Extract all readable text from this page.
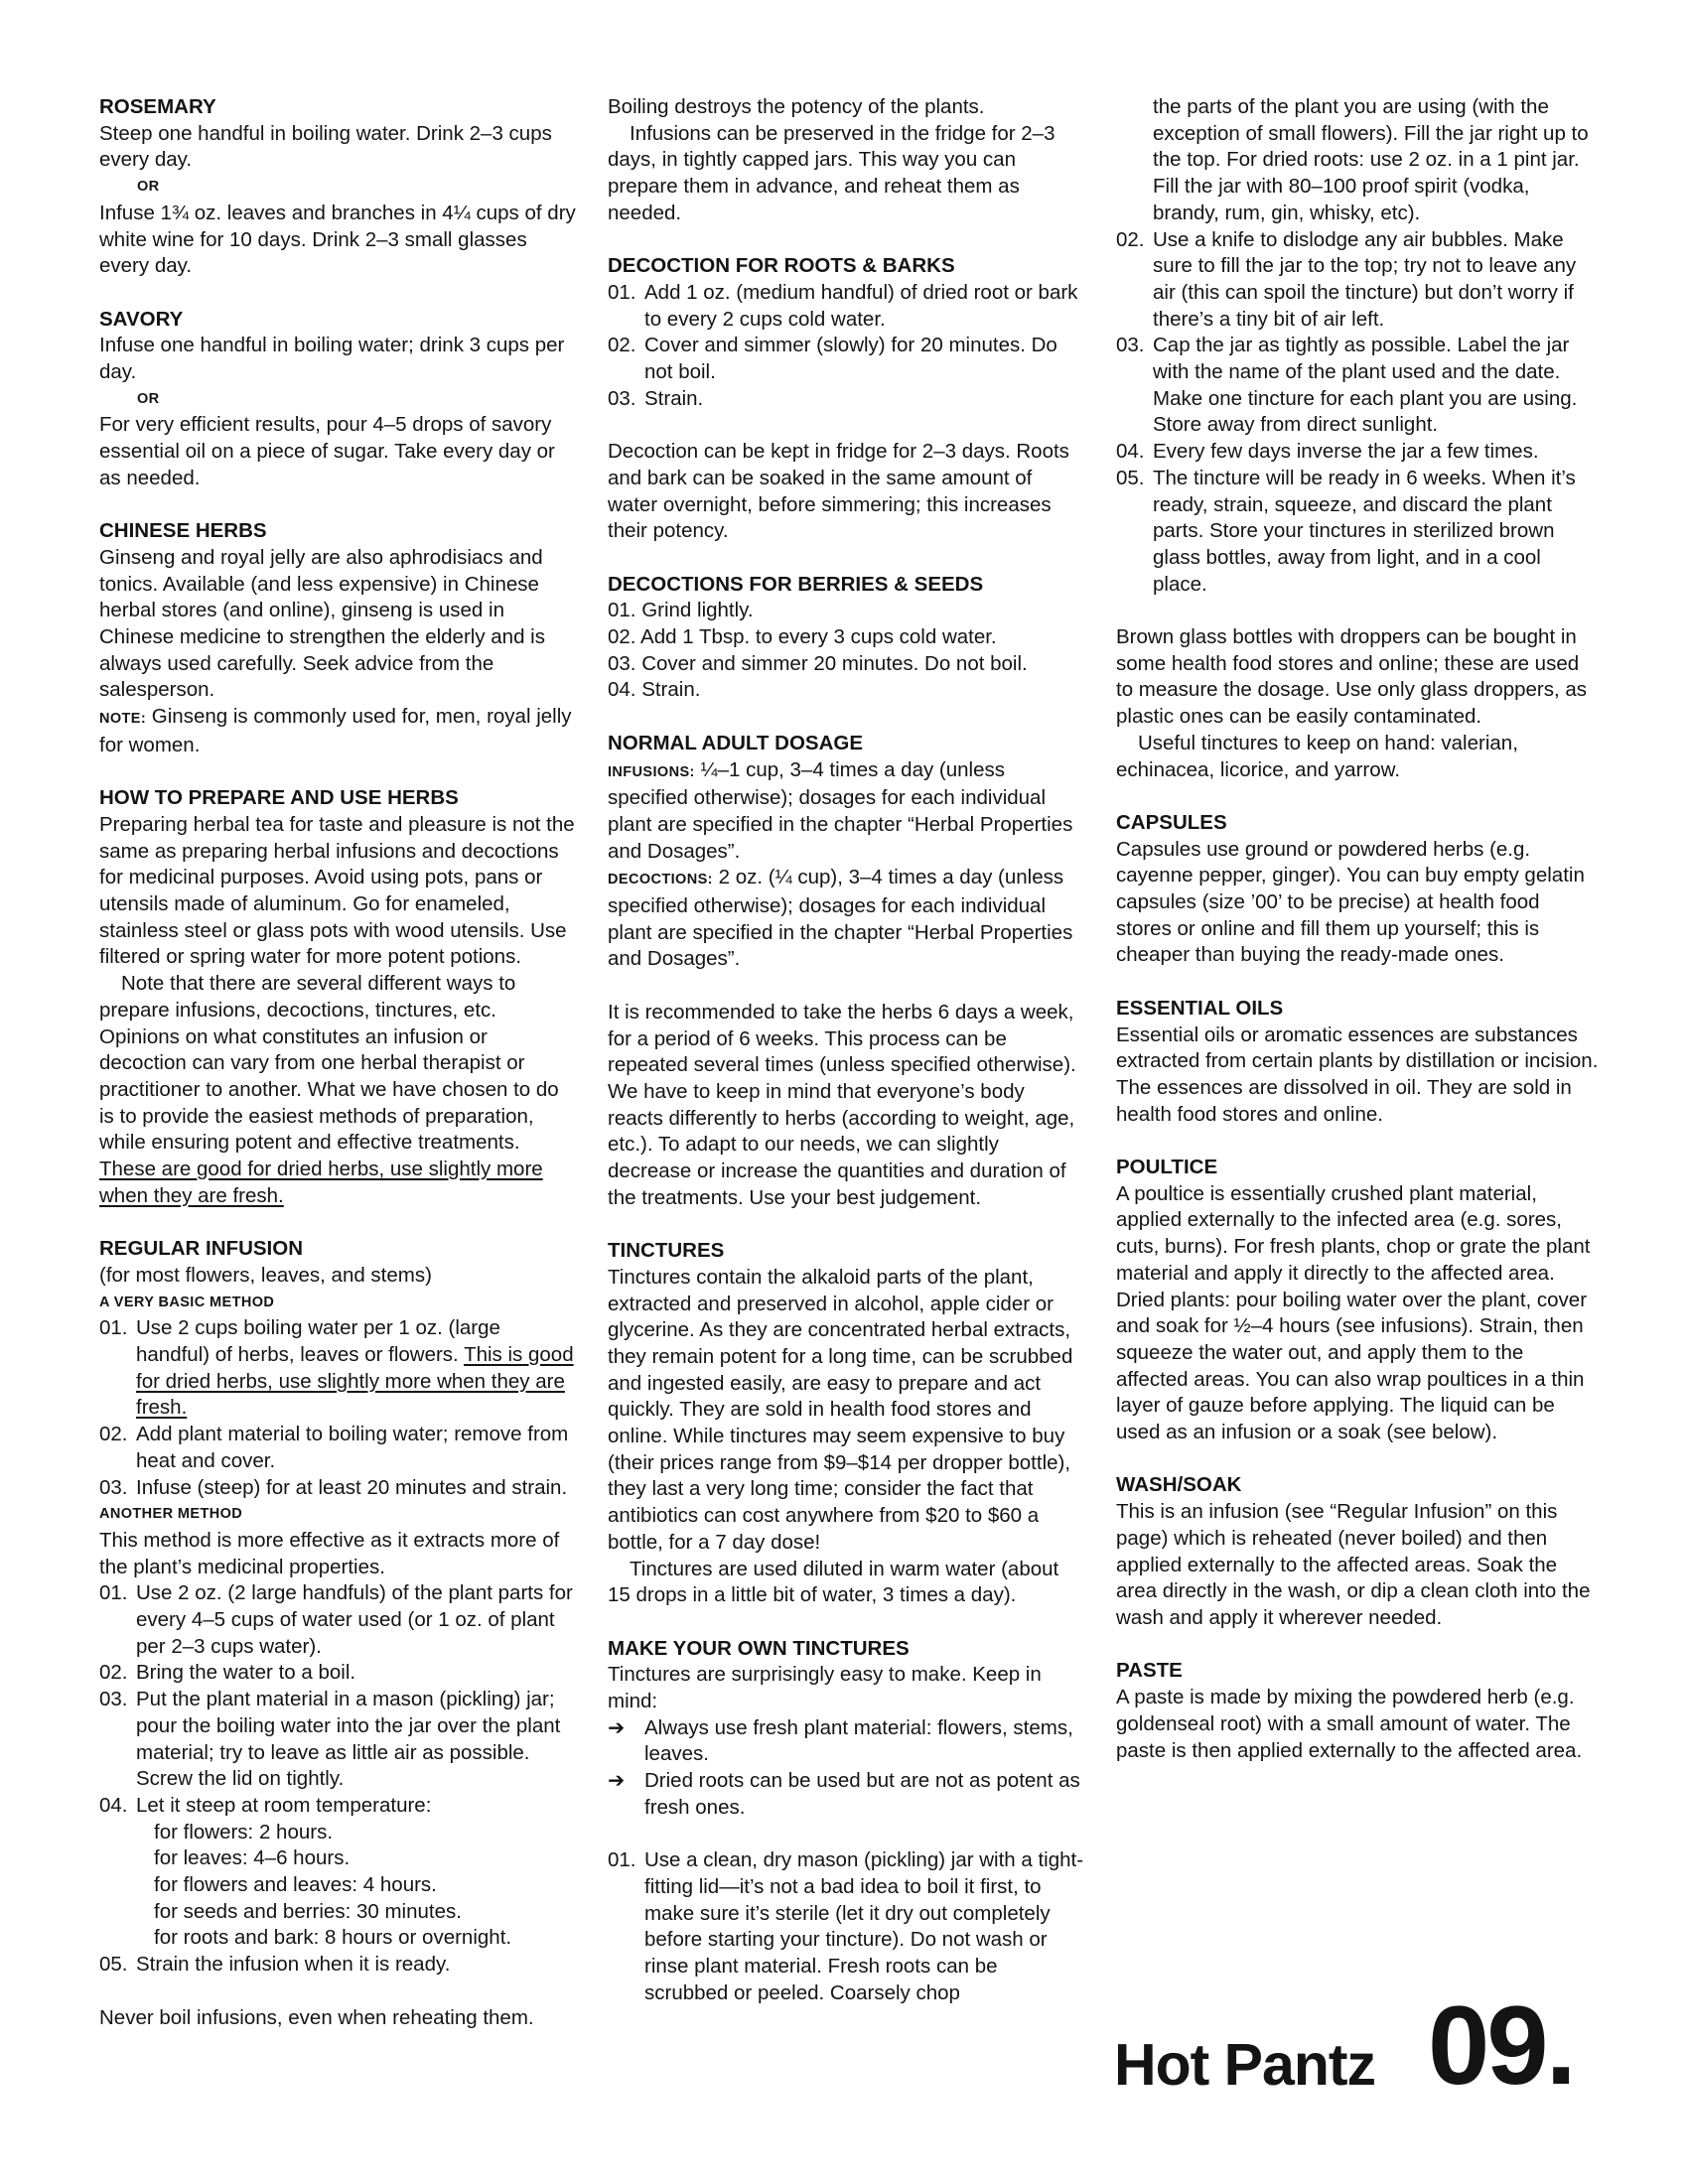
ROSEMARY

Steep one handful in boiling water. Drink 2–3 cups every day.

OR

Infuse 1¾ oz. leaves and branches in 4¼ cups of dry white wine for 10 days. Drink 2–3 small glasses every day.

SAVORY

Infuse one handful in boiling water; drink 3 cups per day.

OR

For very efficient results, pour 4–5 drops of savory essential oil on a piece of sugar. Take every day or as needed.

CHINESE HERBS

Ginseng and royal jelly are also aphrodisiacs and tonics. Available (and less expensive) in Chinese herbal stores (and online), ginseng is used in Chinese medicine to strengthen the elderly and is always used carefully. Seek advice from the salesperson.

NOTE: Ginseng is commonly used for, men, royal jelly for women.

HOW TO PREPARE AND USE HERBS

Preparing herbal tea for taste and pleasure is not the same as preparing herbal infusions and decoctions for medicinal purposes. Avoid using pots, pans or utensils made of aluminum. Go for enameled, stainless steel or glass pots with wood utensils. Use filtered or spring water for more potent potions.

Note that there are several different ways to prepare infusions, decoctions, tinctures, etc. Opinions on what constitutes an infusion or decoction can vary from one herbal therapist or practitioner to another. What we have chosen to do is to provide the easiest methods of preparation, while ensuring potent and effective treatments. These are good for dried herbs, use slightly more when they are fresh.

REGULAR INFUSION

(for most flowers, leaves, and stems)

A VERY BASIC METHOD

01. Use 2 cups boiling water per 1 oz. (large handful) of herbs, leaves or flowers. This is good for dried herbs, use slightly more when they are fresh.
02. Add plant material to boiling water; remove from heat and cover.
03. Infuse (steep) for at least 20 minutes and strain.

ANOTHER METHOD

This method is more effective as it extracts more of the plant’s medicinal properties.

01. Use 2 oz. (2 large handfuls) of the plant parts for every 4–5 cups of water used (or 1 oz. of plant per 2–3 cups water).
02. Bring the water to a boil.
03. Put the plant material in a mason (pickling) jar; pour the boiling water into the jar over the plant material; try to leave as little air as possible. Screw the lid on tightly.
04. Let it steep at room temperature:

for flowers: 2 hours.

for leaves: 4–6 hours.

for flowers and leaves: 4 hours.

for seeds and berries: 30 minutes.

for roots and bark: 8 hours or overnight.

05. Strain the infusion when it is ready.

Never boil infusions, even when reheating them.

Boiling destroys the potency of the plants.

Infusions can be preserved in the fridge for 2–3 days, in tightly capped jars. This way you can prepare them in advance, and reheat them as needed.

DECOCTION FOR ROOTS & BARKS

01. Add 1 oz. (medium handful) of dried root or bark to every 2 cups cold water.
02. Cover and simmer (slowly) for 20 minutes. Do not boil.
03. Strain.

Decoction can be kept in fridge for 2–3 days. Roots and bark can be soaked in the same amount of water overnight, before simmering; this increases their potency.

DECOCTIONS FOR BERRIES & SEEDS

01. Grind lightly.

02. Add 1 Tbsp. to every 3 cups cold water.

03. Cover and simmer 20 minutes. Do not boil.

04. Strain.

NORMAL ADULT DOSAGE

INFUSIONS: ¼–1 cup, 3–4 times a day (unless specified otherwise); dosages for each individual plant are specified in the chapter “Herbal Properties and Dosages”.

DECOCTIONS: 2 oz. (¼ cup), 3–4 times a day (unless specified otherwise); dosages for each individual plant are specified in the chapter “Herbal Properties and Dosages”.

It is recommended to take the herbs 6 days a week, for a period of 6 weeks. This process can be repeated several times (unless specified otherwise). We have to keep in mind that everyone’s body reacts differently to herbs (according to weight, age, etc.). To adapt to our needs, we can slightly decrease or increase the quantities and duration of the treatments. Use your best judgement.

TINCTURES

Tinctures contain the alkaloid parts of the plant, extracted and preserved in alcohol, apple cider or glycerine. As they are concentrated herbal extracts, they remain potent for a long time, can be scrubbed and ingested easily, are easy to prepare and act quickly. They are sold in health food stores and online. While tinctures may seem expensive to buy (their prices range from $9–$14 per dropper bottle), they last a very long time; consider the fact that antibiotics can cost anywhere from $20 to $60 a bottle, for a 7 day dose!

Tinctures are used diluted in warm water (about 15 drops in a little bit of water, 3 times a day).

MAKE YOUR OWN TINCTURES

Tinctures are surprisingly easy to make. Keep in mind:

➔ Always use fresh plant material: flowers, stems, leaves.
➔ Dried roots can be used but are not as potent as fresh ones.
01. Use a clean, dry mason (pickling) jar with a tight-fitting lid—it’s not a bad idea to boil it first, to make sure it’s sterile (let it dry out completely before starting your tincture). Do not wash or rinse plant material. Fresh roots can be scrubbed or peeled. Coarsely chop
the parts of the plant you are using (with the exception of small flowers). Fill the jar right up to the top. For dried roots: use 2 oz. in a 1 pint jar. Fill the jar with 80–100 proof spirit (vodka, brandy, rum, gin, whisky, etc).
02. Use a knife to dislodge any air bubbles. Make sure to fill the jar to the top; try not to leave any air (this can spoil the tincture) but don’t worry if there’s a tiny bit of air left.
03. Cap the jar as tightly as possible. Label the jar with the name of the plant used and the date. Make one tincture for each plant you are using. Store away from direct sunlight.
04. Every few days inverse the jar a few times.
05. The tincture will be ready in 6 weeks. When it’s ready, strain, squeeze, and discard the plant parts. Store your tinctures in sterilized brown glass bottles, away from light, and in a cool place.

Brown glass bottles with droppers can be bought in some health food stores and online; these are used to measure the dosage. Use only glass droppers, as plastic ones can be easily contaminated.

Useful tinctures to keep on hand: valerian, echinacea, licorice, and yarrow.

CAPSULES

Capsules use ground or powdered herbs (e.g. cayenne pepper, ginger). You can buy empty gelatin capsules (size ’00’ to be precise) at health food stores or online and fill them up yourself; this is cheaper than buying the ready-made ones.

ESSENTIAL OILS

Essential oils or aromatic essences are substances extracted from certain plants by distillation or incision. The essences are dissolved in oil. They are sold in health food stores and online.

POULTICE

A poultice is essentially crushed plant material, applied externally to the infected area (e.g. sores, cuts, burns). For fresh plants, chop or grate the plant material and apply it directly to the affected area. Dried plants: pour boiling water over the plant, cover and soak for ½–4 hours (see infusions). Strain, then squeeze the water out, and apply them to the affected areas. You can also wrap poultices in a thin layer of gauze before applying. The liquid can be used as an infusion or a soak (see below).

WASH/SOAK

This is an infusion (see “Regular Infusion” on this page) which is reheated (never boiled) and then applied externally to the affected areas. Soak the area directly in the wash, or dip a clean cloth into the wash and apply it wherever needed.

PASTE

A paste is made by mixing the powdered herb (e.g. goldenseal root) with a small amount of water. The paste is then applied externally to the affected area.

Hot Pantz 09.
